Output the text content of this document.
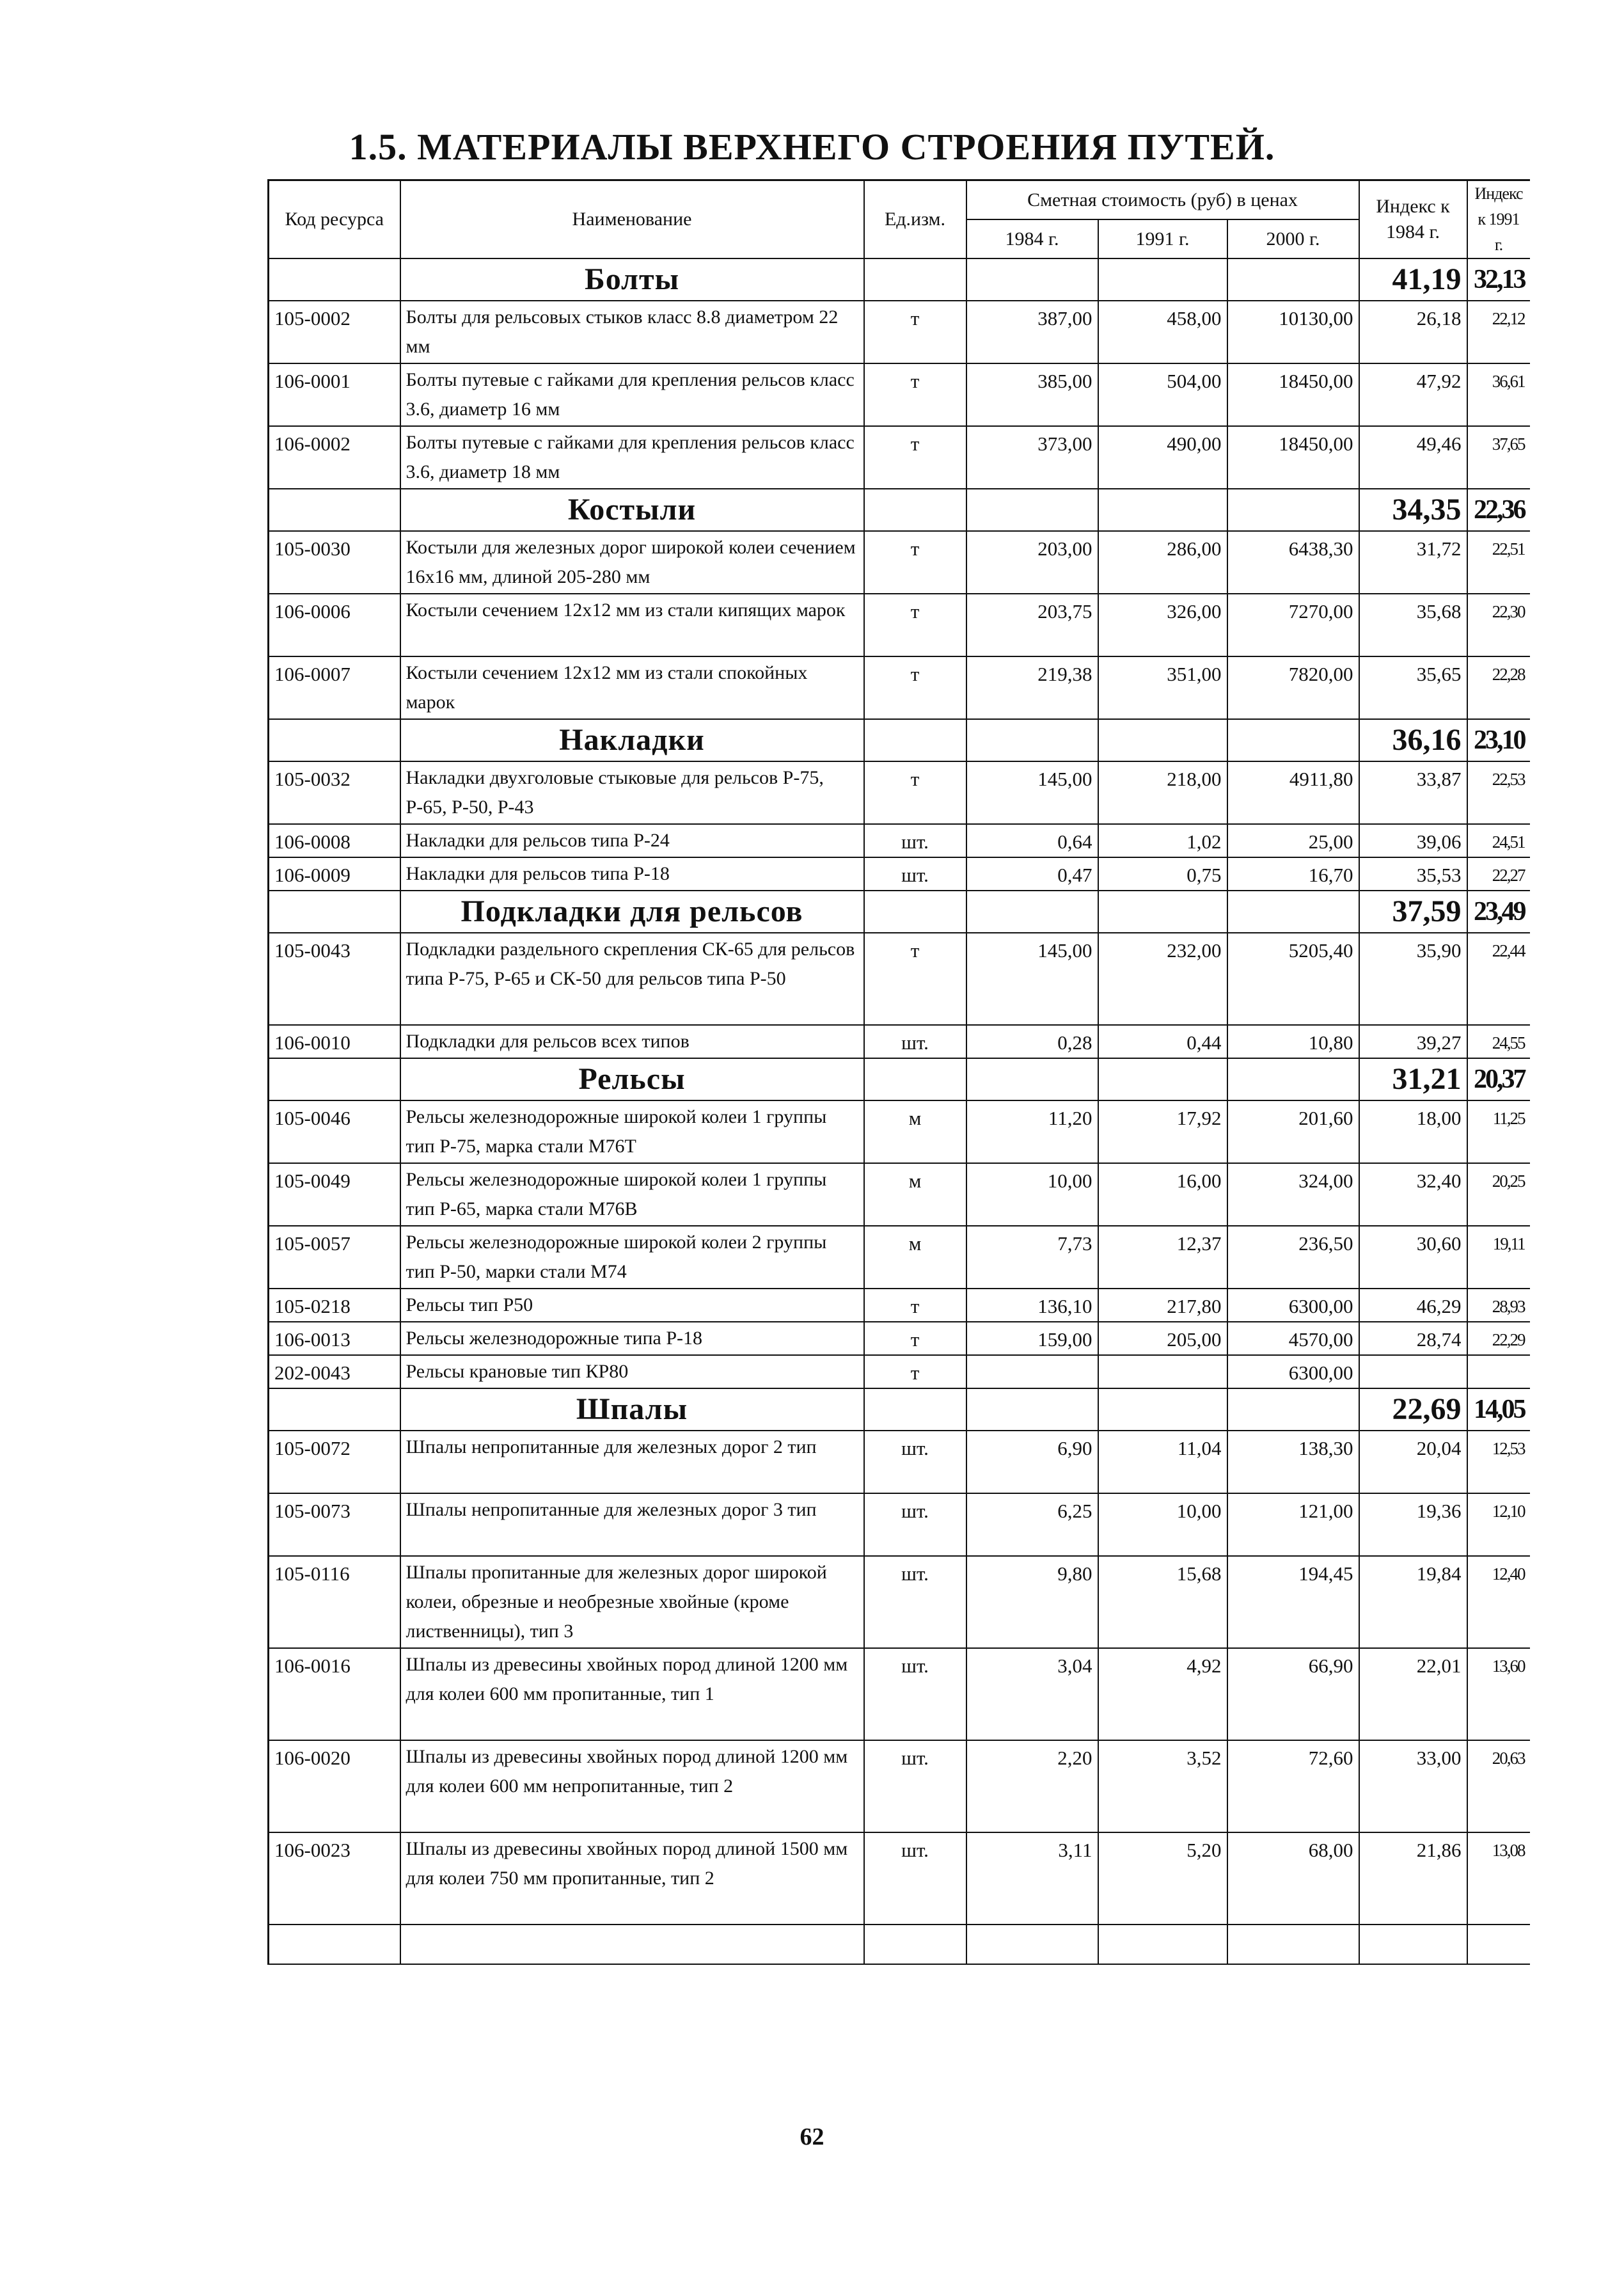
1.5. МАТЕРИАЛЫ ВЕРХНЕГО СТРОЕНИЯ ПУТЕЙ.
Код ресурса	Наименование	Ед.изм.	Сметная стоимость (руб) в ценах			Индекс к 1984 г.	Индекс к 1991 г.
			1984 г.	1991 г.	2000 г.		
	Болты					41,19	32,13
105-0002	Болты для рельсовых стыков класс 8.8 диаметром 22 мм	т	387,00	458,00	10130,00	26,18	22,12
106-0001	Болты путевые с гайками для крепления рельсов класс 3.6, диаметр 16 мм	т	385,00	504,00	18450,00	47,92	36,61
106-0002	Болты путевые с гайками для крепления рельсов класс 3.6, диаметр 18 мм	т	373,00	490,00	18450,00	49,46	37,65
	Костыли					34,35	22,36
105-0030	Костыли для железных дорог широкой колеи сечением 16х16 мм, длиной 205-280 мм	т	203,00	286,00	6438,30	31,72	22,51
106-0006	Костыли сечением 12х12 мм из стали кипящих марок	т	203,75	326,00	7270,00	35,68	22,30
106-0007	Костыли сечением 12х12 мм из стали спокойных марок	т	219,38	351,00	7820,00	35,65	22,28
	Накладки					36,16	23,10
105-0032	Накладки двухголовые стыковые для рельсов Р-75, Р-65, Р-50, Р-43	т	145,00	218,00	4911,80	33,87	22,53
106-0008	Накладки для рельсов типа Р-24	шт.	0,64	1,02	25,00	39,06	24,51
106-0009	Накладки для рельсов типа Р-18	шт.	0,47	0,75	16,70	35,53	22,27
	Подкладки для рельсов					37,59	23,49
105-0043	Подкладки раздельного скрепления СК-65 для рельсов типа Р-75, Р-65 и СК-50 для рельсов типа Р-50	т	145,00	232,00	5205,40	35,90	22,44
106-0010	Подкладки для рельсов всех типов	шт.	0,28	0,44	10,80	39,27	24,55
	Рельсы					31,21	20,37
105-0046	Рельсы железнодорожные широкой колеи 1 группы тип Р-75, марка стали М76Т	м	11,20	17,92	201,60	18,00	11,25
105-0049	Рельсы железнодорожные широкой колеи 1 группы тип Р-65, марка стали М76В	м	10,00	16,00	324,00	32,40	20,25
105-0057	Рельсы железнодорожные широкой колеи 2 группы тип Р-50, марки стали М74	м	7,73	12,37	236,50	30,60	19,11
105-0218	Рельсы тип Р50	т	136,10	217,80	6300,00	46,29	28,93
106-0013	Рельсы железнодорожные типа Р-18	т	159,00	205,00	4570,00	28,74	22,29
202-0043	Рельсы крановые тип КР80	т			6300,00		
	Шпалы					22,69	14,05
105-0072	Шпалы непропитанные для железных дорог 2 тип	шт.	6,90	11,04	138,30	20,04	12,53
105-0073	Шпалы непропитанные для железных дорог 3 тип	шт.	6,25	10,00	121,00	19,36	12,10
105-0116	Шпалы пропитанные для железных дорог широкой колеи, обрезные и необрезные хвойные (кроме лиственницы), тип 3	шт.	9,80	15,68	194,45	19,84	12,40
106-0016	Шпалы из древесины хвойных пород длиной 1200 мм для колеи 600 мм пропитанные, тип 1	шт.	3,04	4,92	66,90	22,01	13,60
106-0020	Шпалы из древесины хвойных пород длиной 1200 мм для колеи 600 мм непропитанные, тип 2	шт.	2,20	3,52	72,60	33,00	20,63
106-0023	Шпалы из древесины хвойных пород длиной 1500 мм для колеи 750 мм пропитанные, тип 2	шт.	3,11	5,20	68,00	21,86	13,08

62
